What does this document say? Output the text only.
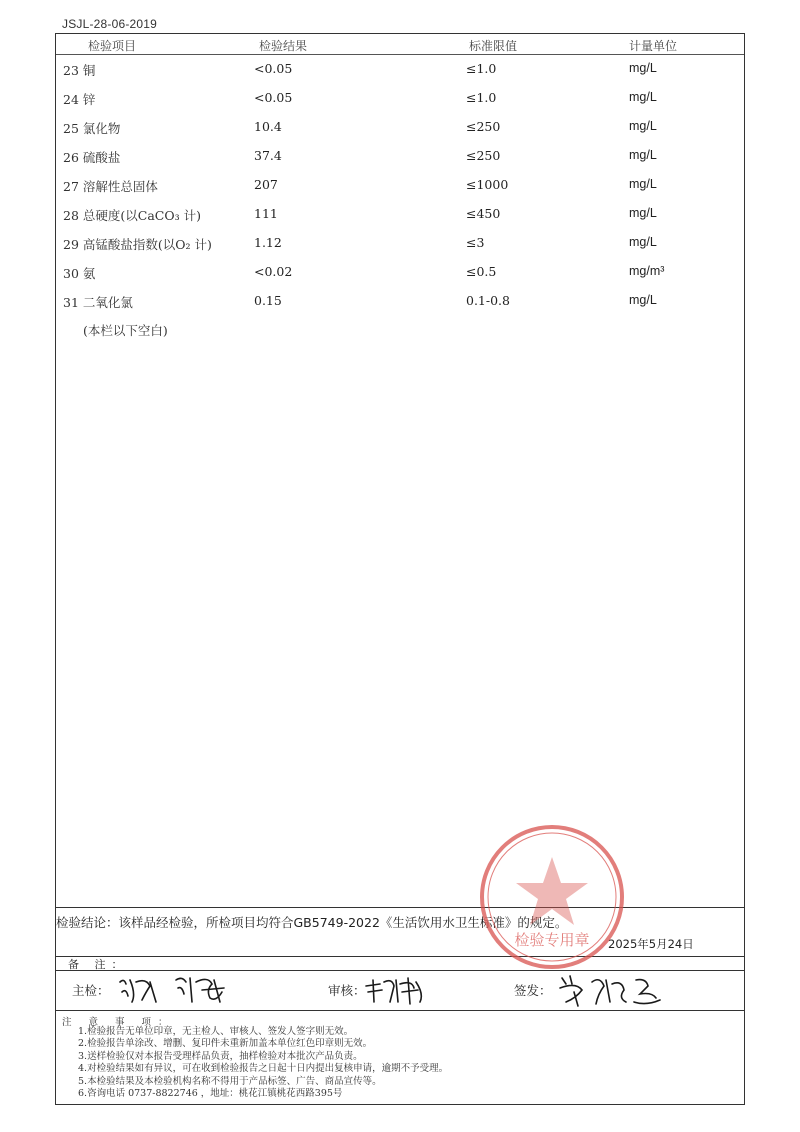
JSJL-28-06-2019
检验项目	检验结果	标准限值	计量单位
23 铜	<0.05	≤1.0	mg/L
24 锌	<0.05	≤1.0	mg/L
25 氯化物	10.4	≤250	mg/L
26 硫酸盐	37.4	≤250	mg/L
27 溶解性总固体	207	≤1000	mg/L
28 总硬度(以CaCO₃ 计)	111	≤450	mg/L
29 高锰酸盐指数(以O₂ 计)	1.12	≤3	mg/L
30 氨	<0.02	≤0.5	mg/m³
31 二氧化氯	0.15	0.1-0.8	mg/L
(本栏以下空白)
检验结论：该样品经检验，所检项目均符合GB5749-2022《生活饮用水卫生标准》的规定。
2025年5月24日
备 注：
主检：	审核：	签发：
注 意 事 项：
1.检验报告无单位印章，无主检人、审核人、签发人签字则无效。
2.检验报告单涂改、增删、复印件未重新加盖本单位红色印章则无效。
3.送样检验仅对本报告受理样品负责，抽样检验对本批次产品负责。
4.对检验结果如有异议，可在收到检验报告之日起十日内提出复核申请，逾期不予受理。
5.本检验结果及本检验机构名称不得用于产品标签、广告、商品宣传等。
6.咨询电话 0737-8822746 ，地址：桃花江镇桃花西路395号
检验专用章
